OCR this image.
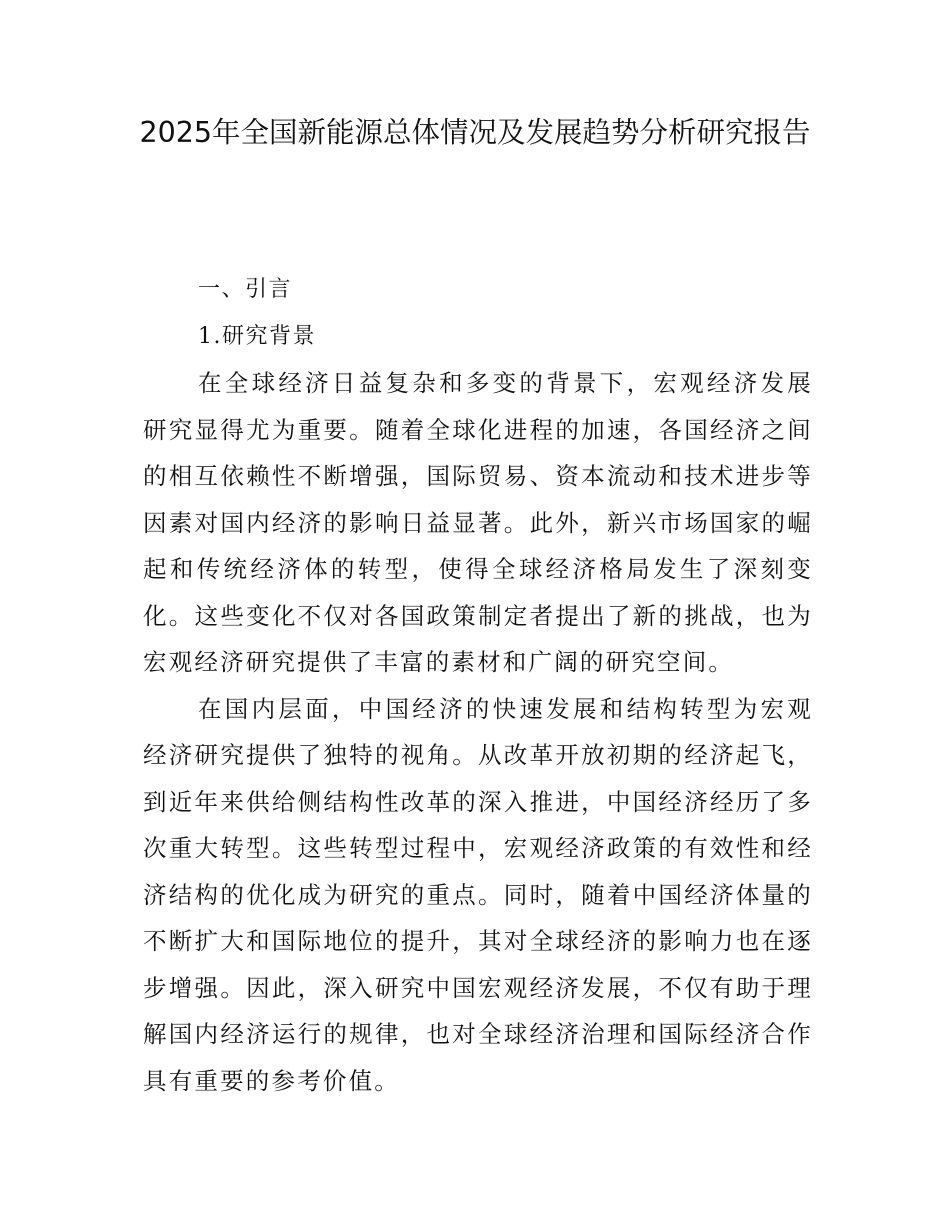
2025年全国新能源总体情况及发展趋势分析研究报告
一、引言
1.研究背景

在全球经济日益复杂和多变的背景下，宏观经济发展研究显得尤为重要。随着全球化进程的加速，各国经济之间的相互依赖性不断增强，国际贸易、资本流动和技术进步等因素对国内经济的影响日益显著。此外，新兴市场国家的崛起和传统经济体的转型，使得全球经济格局发生了深刻变化。这些变化不仅对各国政策制定者提出了新的挑战，也为宏观经济研究提供了丰富的素材和广阔的研究空间。

在国内层面，中国经济的快速发展和结构转型为宏观经济研究提供了独特的视角。从改革开放初期的经济起飞，到近年来供给侧结构性改革的深入推进，中国经济经历了多次重大转型。这些转型过程中，宏观经济政策的有效性和经济结构的优化成为研究的重点。同时，随着中国经济体量的不断扩大和国际地位的提升，其对全球经济的影响力也在逐步增强。因此，深入研究中国宏观经济发展，不仅有助于理解国内经济运行的规律，也对全球经济治理和国际经济合作具有重要的参考价值。
